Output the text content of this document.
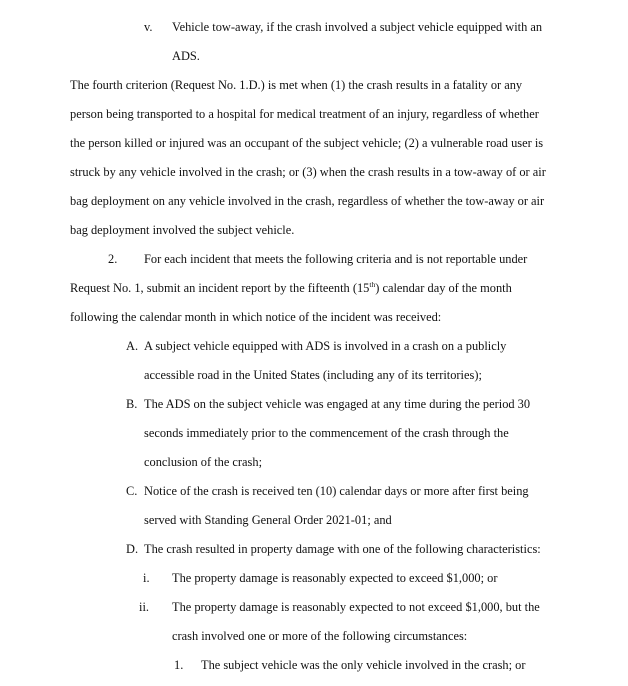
v. Vehicle tow-away, if the crash involved a subject vehicle equipped with an
ADS.
The fourth criterion (Request No. 1.D.) is met when (1) the crash results in a fatality or any
person being transported to a hospital for medical treatment of an injury, regardless of whether
the person killed or injured was an occupant of the subject vehicle; (2) a vulnerable road user is
struck by any vehicle involved in the crash; or (3) when the crash results in a tow-away of or air
bag deployment on any vehicle involved in the crash, regardless of whether the tow-away or air
bag deployment involved the subject vehicle.
2. For each incident that meets the following criteria and is not reportable under
Request No. 1, submit an incident report by the fifteenth (15th) calendar day of the month
following the calendar month in which notice of the incident was received:
A. A subject vehicle equipped with ADS is involved in a crash on a publicly
accessible road in the United States (including any of its territories);
B. The ADS on the subject vehicle was engaged at any time during the period 30
seconds immediately prior to the commencement of the crash through the
conclusion of the crash;
C. Notice of the crash is received ten (10) calendar days or more after first being
served with Standing General Order 2021-01; and
D. The crash resulted in property damage with one of the following characteristics:
i. The property damage is reasonably expected to exceed $1,000; or
ii. The property damage is reasonably expected to not exceed $1,000, but the
crash involved one or more of the following circumstances:
1. The subject vehicle was the only vehicle involved in the crash; or
